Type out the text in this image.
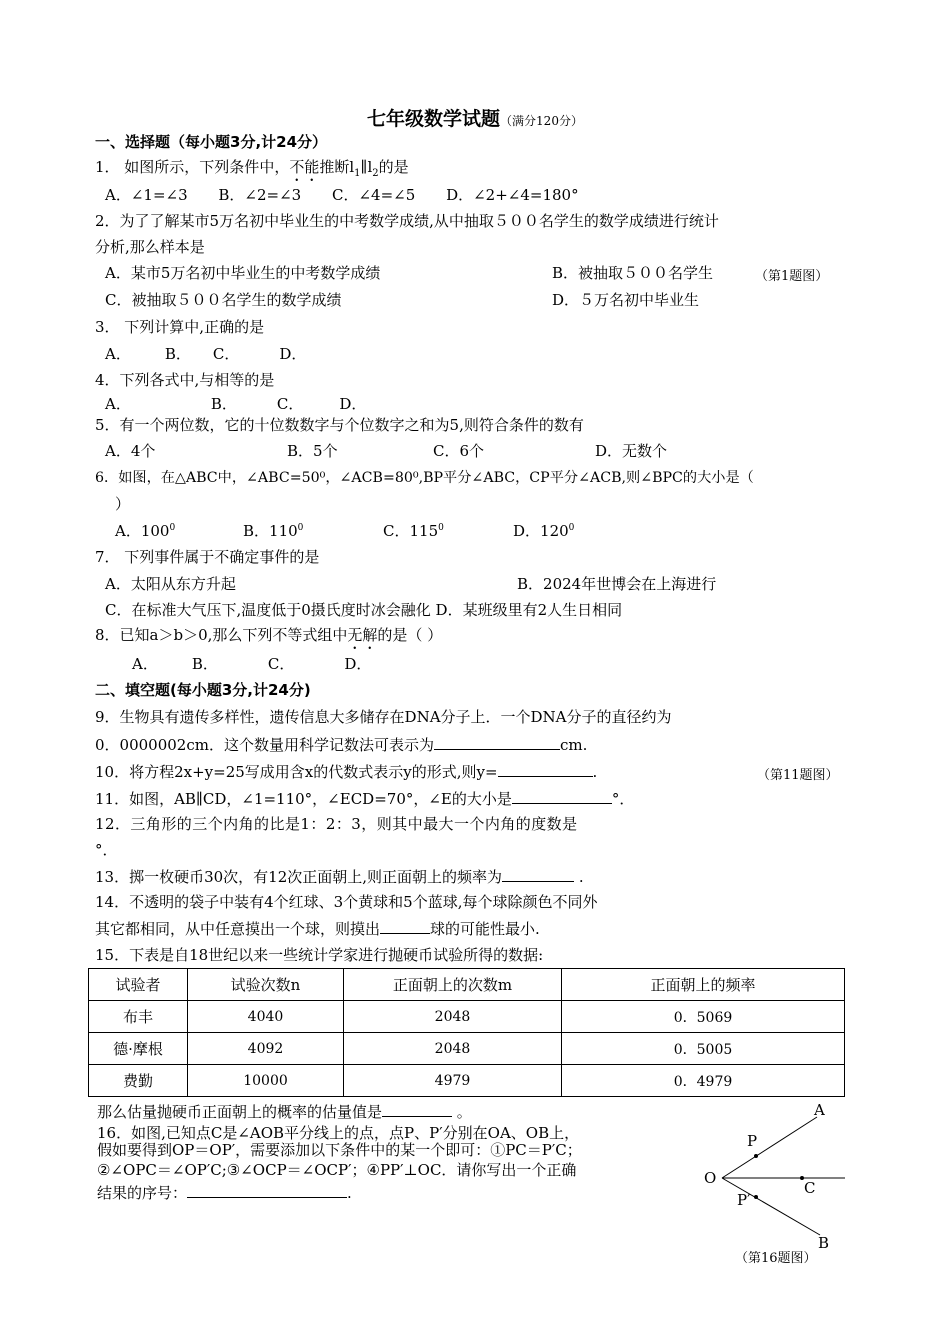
七年级数学试题（满分120分）
一、选择题（每小题3分,计24分）
1． 如图所示，下列条件中，不能推断$l_1\parallel l_2$的是
A．∠1=∠3 B．∠2=∠3 C．∠4=∠5 D．∠2+∠4=180°
2．为了了解某市5万名初中毕业生的中考数学成绩,从中抽取５００名学生的数学成绩进行统计
分析,那么样本是
A．某市5万名初中毕业生的中考数学成绩	B．被抽取５００名学生	（第1题图）
C．被抽取５００名学生的数学成绩	D．５万名初中毕业生
3． 下列计算中,正确的是
A． B． C．	D．
4．下列各式中,与相等的是
A．	B．	C． D．
5．有一个两位数，它的十位数数字与个位数字之和为5,则符合条件的数有
A．4个	B．5个	C．6个	D．无数个
6．如图，在△ABC中，∠ABC=50⁰，∠ACB=80⁰,BP平分∠ABC，CP平分∠ACB,则∠BPC的大小是（
）
A．$100^0$	B．$110^0$	C．$115^0$	D．$120^0$
7． 下列事件属于不确定事件的是
A．太阳从东方升起	B．2024年世博会在上海进行
C．在标准大气压下,温度低于0摄氏度时冰会融化 D．某班级里有2人生日相同
8．已知a＞b＞0,那么下列不等式组中无解的是（ ）
A． B．	C．	D．
二、填空题(每小题3分,计24分)
9．生物具有遗传多样性，遗传信息大多储存在DNA分子上．一个DNA分子的直径约为
0．0000002cm．这个数量用科学记数法可表示为	cm.
10．将方程2x+y=25写成用含x的代数式表示y的形式,则y=	.	（第11题图）
11．如图，AB∥CD，∠1=110°，∠ECD=70°，∠E的大小是	°．
12．三角形的三个内角的比是1：2：3，则其中最大一个内角的度数是
°．
13．掷一枚硬币30次，有12次正面朝上,则正面朝上的频率为	.
14．不透明的袋子中装有4个红球、3个黄球和5个蓝球,每个球除颜色不同外
其它都相同，从中任意摸出一个球，则摸出	球的可能性最小.
15．下表是自18世纪以来一些统计学家进行抛硬币试验所得的数据:
试验者	试验次数n	正面朝上的次数m	正面朝上的频率
布丰	4040	2048	0．5069
德·摩根	4092	2048	0．5005
费勤	10000	4979	0．4979
那么估量抛硬币正面朝上的概率的估量值是	。
16．如图,已知点C是∠AOB平分线上的点，点P、P′分别在OA、OB上，
假如要得到OP＝OP′，需要添加以下条件中的某一个即可：①PC＝P′C；
②∠OPC＝∠OP′C;③∠OCP＝∠OCP′；④PP′⊥OC．请你写出一个正确
结果的序号：	.
A
P
O
C
P′
B
（第16题图）
